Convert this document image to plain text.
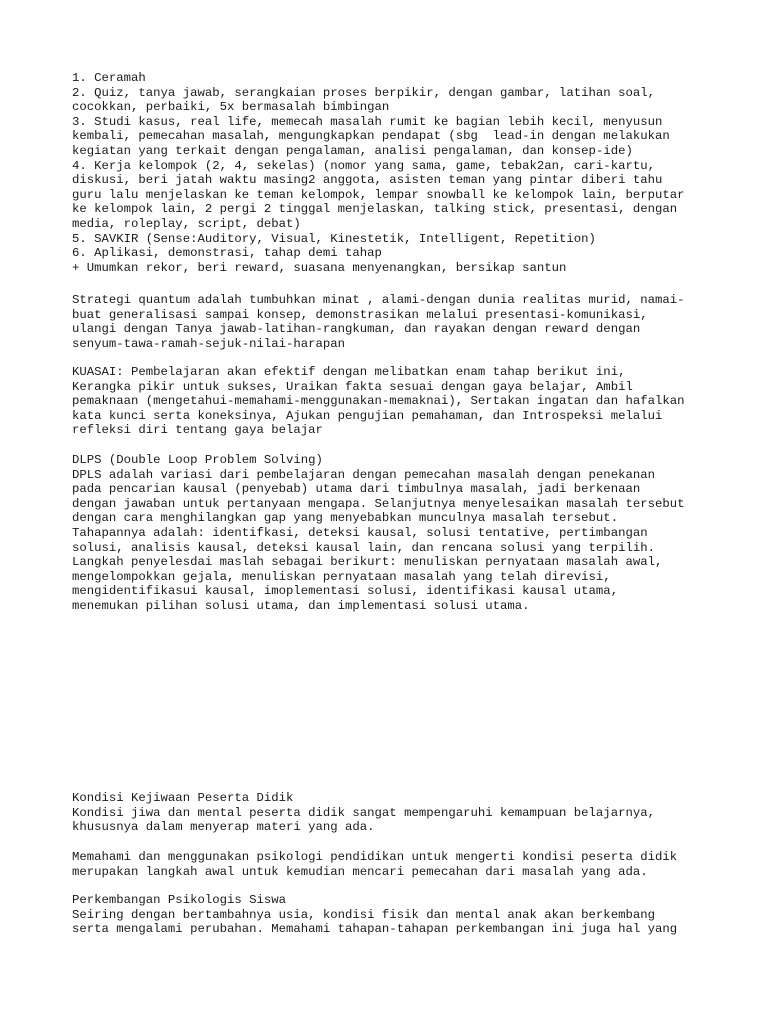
1. Ceramah
2. Quiz, tanya jawab, serangkaian proses berpikir, dengan gambar, latihan soal,
cocokkan, perbaiki, 5x bermasalah bimbingan
3. Studi kasus, real life, memecah masalah rumit ke bagian lebih kecil, menyusun
kembali, pemecahan masalah, mengungkapkan pendapat (sbg  lead-in dengan melakukan
kegiatan yang terkait dengan pengalaman, analisi pengalaman, dan konsep-ide)
4. Kerja kelompok (2, 4, sekelas) (nomor yang sama, game, tebak2an, cari-kartu,
diskusi, beri jatah waktu masing2 anggota, asisten teman yang pintar diberi tahu
guru lalu menjelaskan ke teman kelompok, lempar snowball ke kelompok lain, berputar
ke kelompok lain, 2 pergi 2 tinggal menjelaskan, talking stick, presentasi, dengan
media, roleplay, script, debat)
5. SAVKIR (Sense:Auditory, Visual, Kinestetik, Intelligent, Repetition)
6. Aplikasi, demonstrasi, tahap demi tahap
+ Umumkan rekor, beri reward, suasana menyenangkan, bersikap santun
Strategi quantum adalah tumbuhkan minat , alami-dengan dunia realitas murid, namai-
buat generalisasi sampai konsep, demonstrasikan melalui presentasi-komunikasi,
ulangi dengan Tanya jawab-latihan-rangkuman, dan rayakan dengan reward dengan
senyum-tawa-ramah-sejuk-nilai-harapan
KUASAI: Pembelajaran akan efektif dengan melibatkan enam tahap berikut ini,
Kerangka pikir untuk sukses, Uraikan fakta sesuai dengan gaya belajar, Ambil
pemaknaan (mengetahui-memahami-menggunakan-memaknai), Sertakan ingatan dan hafalkan
kata kunci serta koneksinya, Ajukan pengujian pemahaman, dan Introspeksi melalui
refleksi diri tentang gaya belajar
DLPS (Double Loop Problem Solving)
DPLS adalah variasi dari pembelajaran dengan pemecahan masalah dengan penekanan
pada pencarian kausal (penyebab) utama dari timbulnya masalah, jadi berkenaan
dengan jawaban untuk pertanyaan mengapa. Selanjutnya menyelesaikan masalah tersebut
dengan cara menghilangkan gap yang menyebabkan munculnya masalah tersebut.
Tahapannya adalah: identifkasi, deteksi kausal, solusi tentative, pertimbangan
solusi, analisis kausal, deteksi kausal lain, dan rencana solusi yang terpilih.
Langkah penyelesdai maslah sebagai berikurt: menuliskan pernyataan masalah awal,
mengelompokkan gejala, menuliskan pernyataan masalah yang telah direvisi,
mengidentifikasui kausal, imoplementasi solusi, identifikasi kausal utama,
menemukan pilihan solusi utama, dan implementasi solusi utama.
Kondisi Kejiwaan Peserta Didik
Kondisi jiwa dan mental peserta didik sangat mempengaruhi kemampuan belajarnya,
khususnya dalam menyerap materi yang ada.
Memahami dan menggunakan psikologi pendidikan untuk mengerti kondisi peserta didik
merupakan langkah awal untuk kemudian mencari pemecahan dari masalah yang ada.
Perkembangan Psikologis Siswa
Seiring dengan bertambahnya usia, kondisi fisik dan mental anak akan berkembang
serta mengalami perubahan. Memahami tahapan-tahapan perkembangan ini juga hal yang
